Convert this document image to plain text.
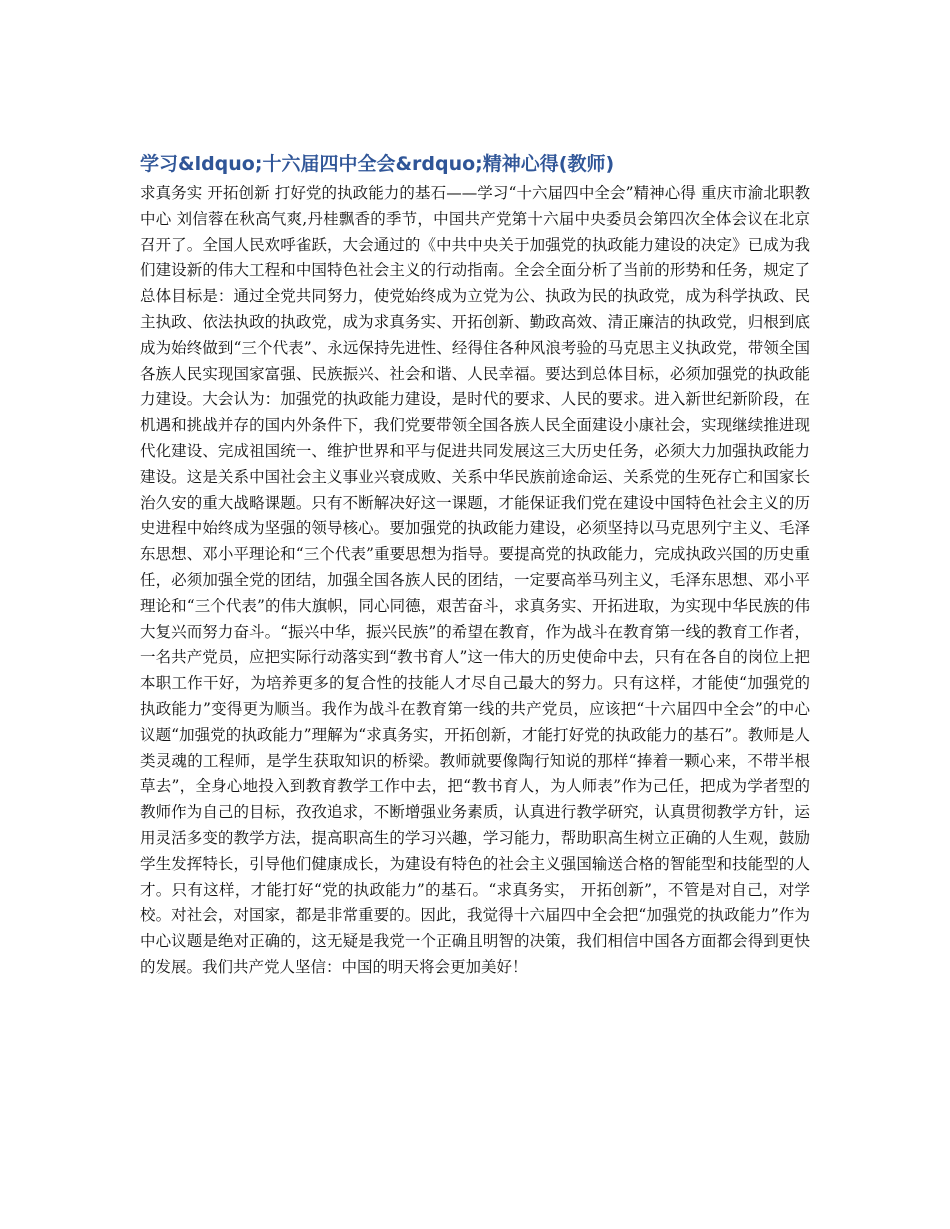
学习&ldquo;十六届四中全会&rdquo;精神心得(教师)

求真务实 开拓创新 打好党的执政能力的基石——学习“十六届四中全会”精神心得 重庆市渝北职教中心 刘信蓉在秋高气爽,丹桂飘香的季节，中国共产党第十六届中央委员会第四次全体会议在北京召开了。全国人民欢呼雀跃，大会通过的《中共中央关于加强党的执政能力建设的决定》已成为我们建设新的伟大工程和中国特色社会主义的行动指南。全会全面分析了当前的形势和任务，规定了总体目标是：通过全党共同努力，使党始终成为立党为公、执政为民的执政党，成为科学执政、民主执政、依法执政的执政党，成为求真务实、开拓创新、勤政高效、清正廉洁的执政党，归根到底成为始终做到“三个代表”、永远保持先进性、经得住各种风浪考验的马克思主义执政党，带领全国各族人民实现国家富强、民族振兴、社会和谐、人民幸福。要达到总体目标，必须加强党的执政能力建设。大会认为：加强党的执政能力建设，是时代的要求、人民的要求。进入新世纪新阶段，在机遇和挑战并存的国内外条件下，我们党要带领全国各族人民全面建设小康社会，实现继续推进现代化建设、完成祖国统一、维护世界和平与促进共同发展这三大历史任务，必须大力加强执政能力建设。这是关系中国社会主义事业兴衰成败、关系中华民族前途命运、关系党的生死存亡和国家长治久安的重大战略课题。只有不断解决好这一课题，才能保证我们党在建设中国特色社会主义的历史进程中始终成为坚强的领导核心。要加强党的执政能力建设，必须坚持以马克思列宁主义、毛泽东思想、邓小平理论和“三个代表”重要思想为指导。要提高党的执政能力，完成执政兴国的历史重任，必须加强全党的团结，加强全国各族人民的团结，一定要高举马列主义，毛泽东思想、邓小平理论和“三个代表”的伟大旗帜，同心同德，艰苦奋斗，求真务实、开拓进取，为实现中华民族的伟大复兴而努力奋斗。“振兴中华，振兴民族”的希望在教育，作为战斗在教育第一线的教育工作者，一名共产党员，应把实际行动落实到“教书育人”这一伟大的历史使命中去，只有在各自的岗位上把本职工作干好，为培养更多的复合性的技能人才尽自己最大的努力。只有这样，才能使“加强党的执政能力”变得更为顺当。我作为战斗在教育第一线的共产党员，应该把“十六届四中全会”的中心议题“加强党的执政能力”理解为“求真务实，开拓创新，才能打好党的执政能力的基石”。教师是人类灵魂的工程师，是学生获取知识的桥梁。教师就要像陶行知说的那样“捧着一颗心来，不带半根草去”，全身心地投入到教育教学工作中去，把“教书育人，为人师表”作为己任，把成为学者型的教师作为自己的目标，孜孜追求，不断增强业务素质，认真进行教学研究，认真贯彻教学方针，运用灵活多变的教学方法，提高职高生的学习兴趣，学习能力，帮助职高生树立正确的人生观，鼓励学生发挥特长，引导他们健康成长，为建设有特色的社会主义强国输送合格的智能型和技能型的人才。只有这样，才能打好“党的执政能力”的基石。“求真务实， 开拓创新”，不管是对自己，对学校。对社会，对国家，都是非常重要的。因此，我觉得十六届四中全会把“加强党的执政能力”作为中心议题是绝对正确的，这无疑是我党一个正确且明智的决策，我们相信中国各方面都会得到更快的发展。我们共产党人坚信：中国的明天将会更加美好！
